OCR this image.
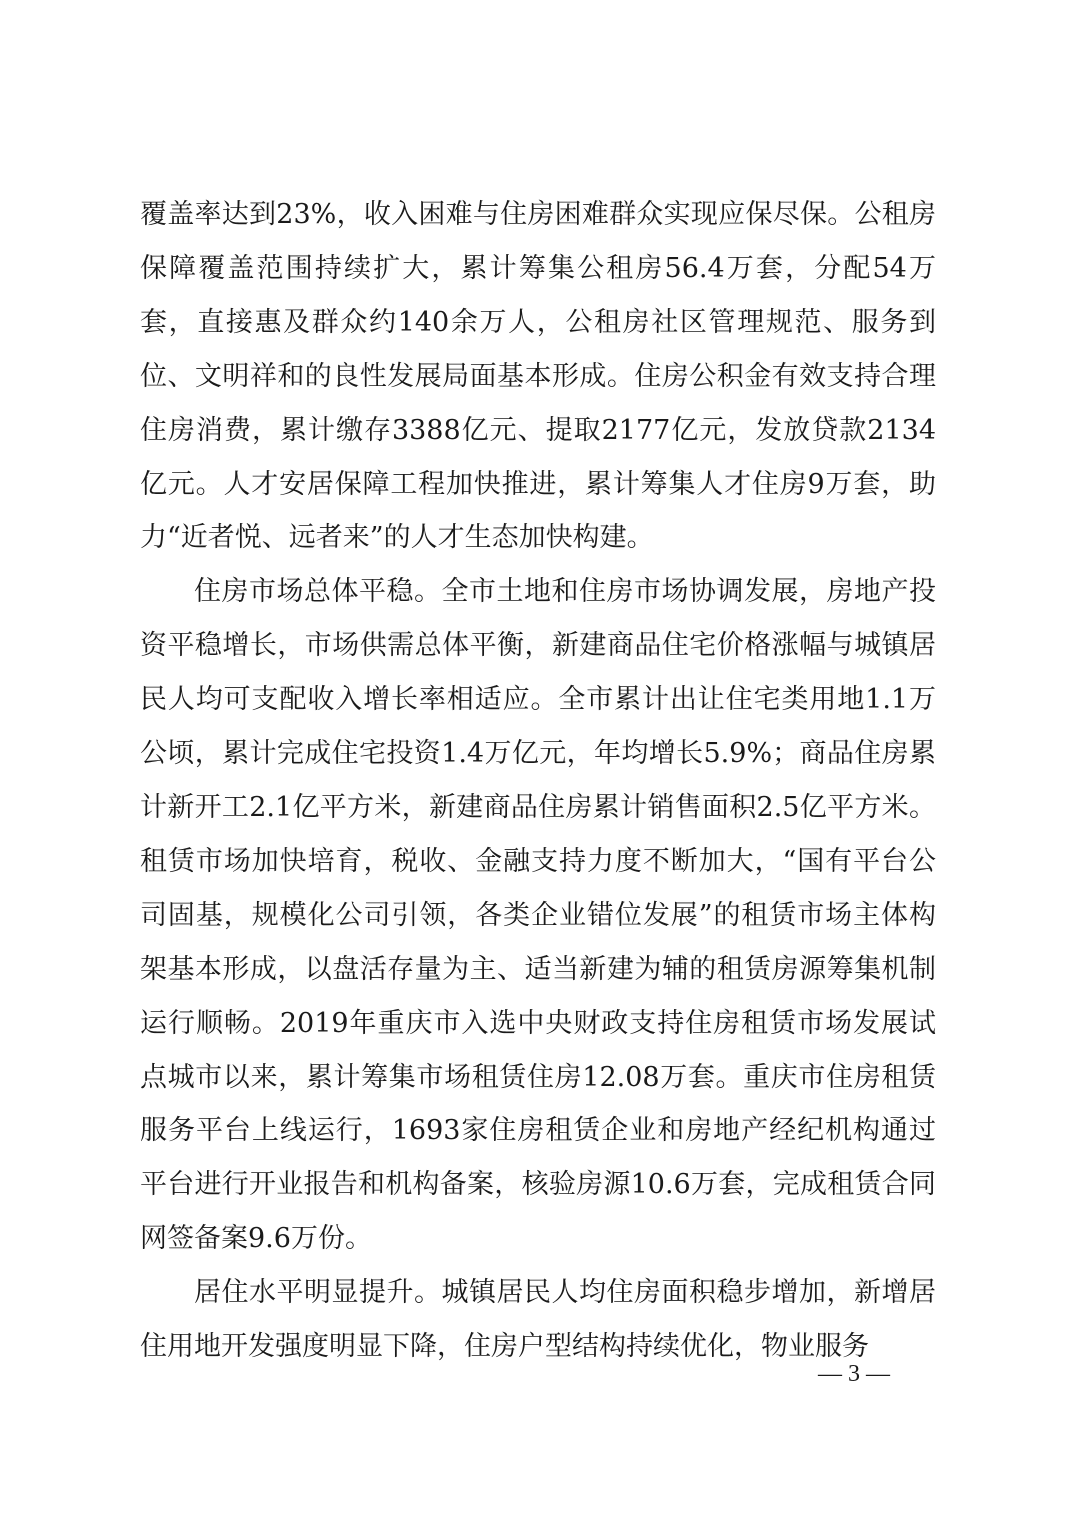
覆盖率达到23%，收入困难与住房困难群众实现应保尽保。公租房保障覆盖范围持续扩大，累计筹集公租房56.4万套，分配54万套，直接惠及群众约140余万人，公租房社区管理规范、服务到位、文明祥和的良性发展局面基本形成。住房公积金有效支持合理住房消费，累计缴存3388亿元、提取2177亿元，发放贷款2134亿元。人才安居保障工程加快推进，累计筹集人才住房9万套，助力“近者悦、远者来”的人才生态加快构建。

住房市场总体平稳。全市土地和住房市场协调发展，房地产投资平稳增长，市场供需总体平衡，新建商品住宅价格涨幅与城镇居民人均可支配收入增长率相适应。全市累计出让住宅类用地1.1万公顷，累计完成住宅投资1.4万亿元，年均增长5.9%；商品住房累计新开工2.1亿平方米，新建商品住房累计销售面积2.5亿平方米。租赁市场加快培育，税收、金融支持力度不断加大，“国有平台公司固基，规模化公司引领，各类企业错位发展”的租赁市场主体构架基本形成，以盘活存量为主、适当新建为辅的租赁房源筹集机制运行顺畅。2019年重庆市入选中央财政支持住房租赁市场发展试点城市以来，累计筹集市场租赁住房12.08万套。重庆市住房租赁服务平台上线运行，1693家住房租赁企业和房地产经纪机构通过平台进行开业报告和机构备案，核验房源10.6万套，完成租赁合同网签备案9.6万份。

居住水平明显提升。城镇居民人均住房面积稳步增加，新增居住用地开发强度明显下降，住房户型结构持续优化，物业服务

— 3 —
